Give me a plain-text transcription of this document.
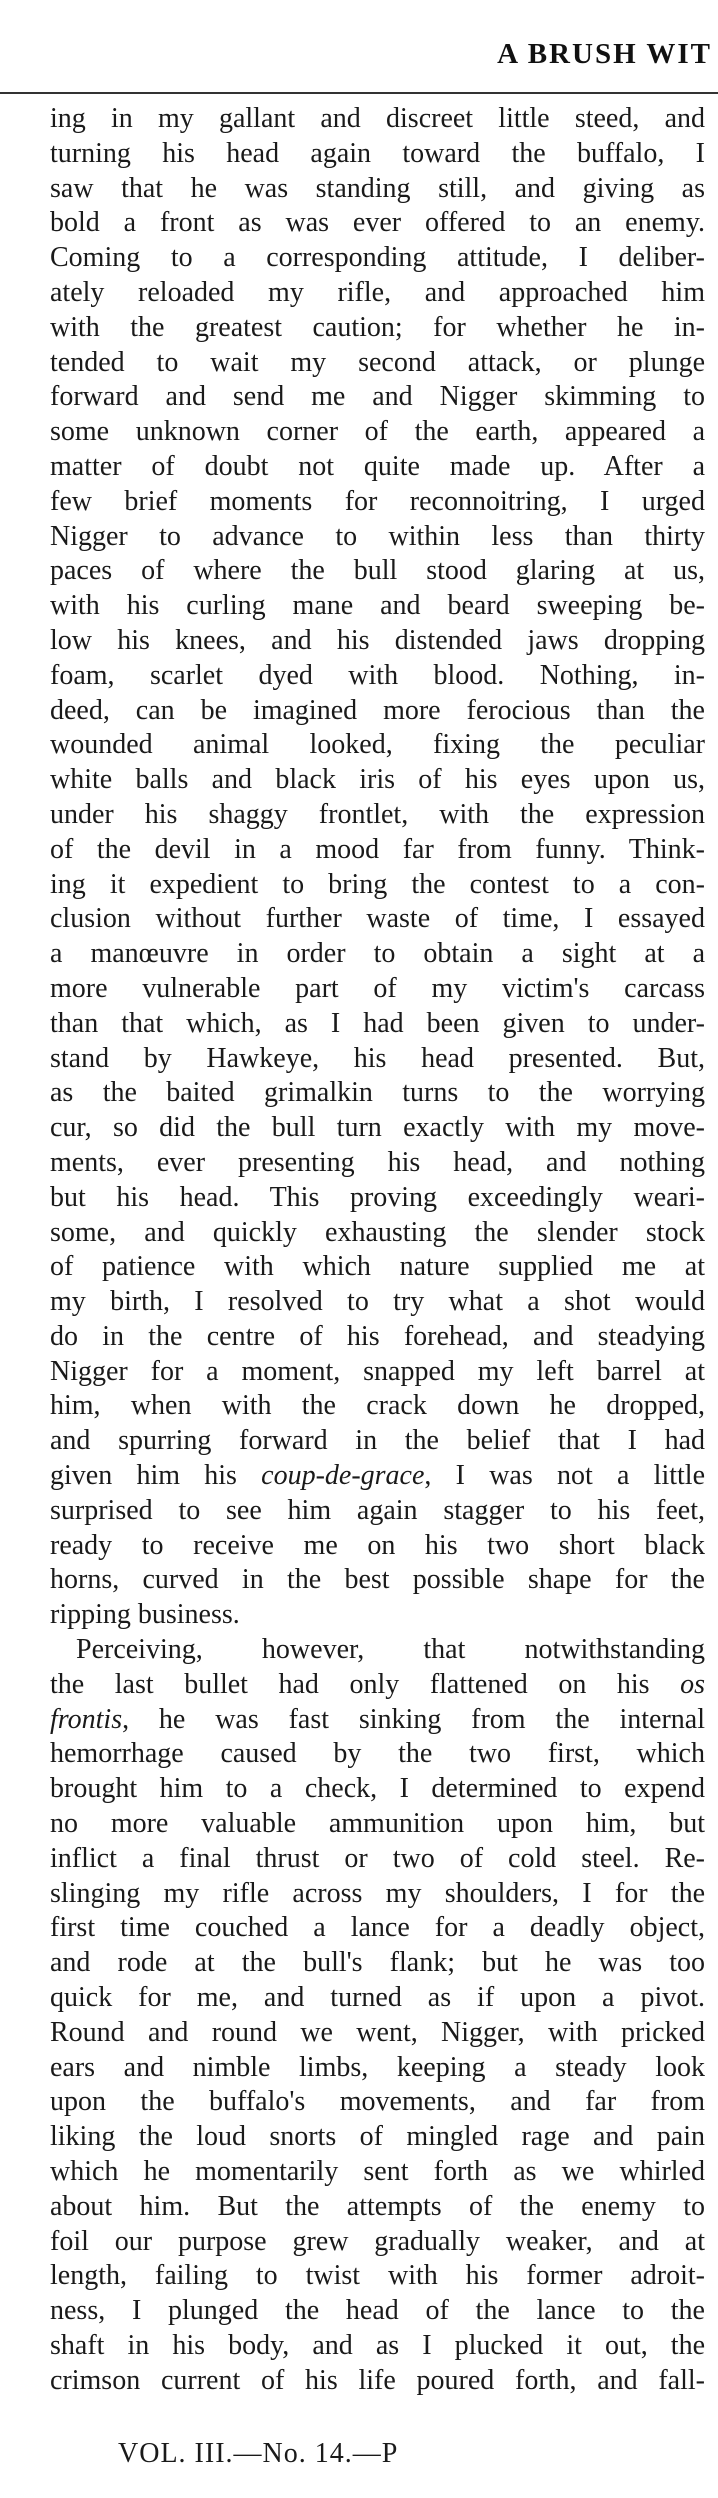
A BRUSH WIT
ing in my gallant and discreet little steed, and
turning his head again toward the buffalo, I
saw that he was standing still, and giving as
bold a front as was ever offered to an enemy.
Coming to a corresponding attitude, I deliber-
ately reloaded my rifle, and approached him
with the greatest caution; for whether he in-
tended to wait my second attack, or plunge
forward and send me and Nigger skimming to
some unknown corner of the earth, appeared a
matter of doubt not quite made up. After a
few brief moments for reconnoitring, I urged
Nigger to advance to within less than thirty
paces of where the bull stood glaring at us,
with his curling mane and beard sweeping be-
low his knees, and his distended jaws dropping
foam, scarlet dyed with blood. Nothing, in-
deed, can be imagined more ferocious than the
wounded animal looked, fixing the peculiar
white balls and black iris of his eyes upon us,
under his shaggy frontlet, with the expression
of the devil in a mood far from funny. Think-
ing it expedient to bring the contest to a con-
clusion without further waste of time, I essayed
a manœuvre in order to obtain a sight at a
more vulnerable part of my victim's carcass
than that which, as I had been given to under-
stand by Hawkeye, his head presented. But,
as the baited grimalkin turns to the worrying
cur, so did the bull turn exactly with my move-
ments, ever presenting his head, and nothing
but his head. This proving exceedingly weari-
some, and quickly exhausting the slender stock
of patience with which nature supplied me at
my birth, I resolved to try what a shot would
do in the centre of his forehead, and steadying
Nigger for a moment, snapped my left barrel at
him, when with the crack down he dropped,
and spurring forward in the belief that I had
given him his coup-de-grace, I was not a little
surprised to see him again stagger to his feet,
ready to receive me on his two short black
horns, curved in the best possible shape for the
ripping business.
Perceiving, however, that notwithstanding
the last bullet had only flattened on his os
frontis, he was fast sinking from the internal
hemorrhage caused by the two first, which
brought him to a check, I determined to expend
no more valuable ammunition upon him, but
inflict a final thrust or two of cold steel. Re-
slinging my rifle across my shoulders, I for the
first time couched a lance for a deadly object,
and rode at the bull's flank; but he was too
quick for me, and turned as if upon a pivot.
Round and round we went, Nigger, with pricked
ears and nimble limbs, keeping a steady look
upon the buffalo's movements, and far from
liking the loud snorts of mingled rage and pain
which he momentarily sent forth as we whirled
about him. But the attempts of the enemy to
foil our purpose grew gradually weaker, and at
length, failing to twist with his former adroit-
ness, I plunged the head of the lance to the
shaft in his body, and as I plucked it out, the
crimson current of his life poured forth, and fall-
VOL. III.—No. 14.—P
